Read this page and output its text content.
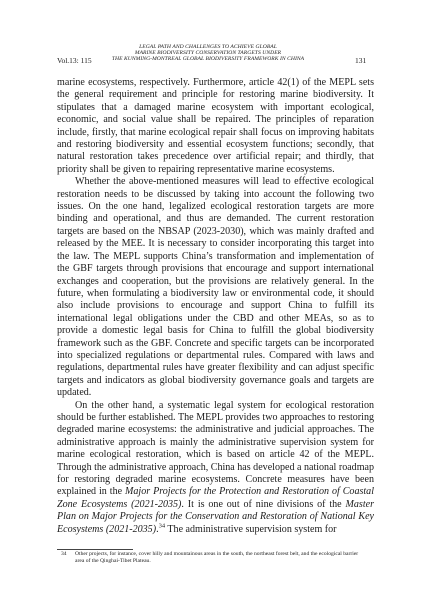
Vol.13: 115
LEGAL PATH AND CHALLENGES TO ACHIEVE GLOBAL
MARINE BIODIVERSITY CONSERVATION TARGETS UNDER
THE KUNMING-MONTREAL GLOBAL BIODIVERSITY FRAMEWORK IN CHINA	131

marine ecosystems, respectively. Furthermore, article 42(1) of the MEPL sets the general requirement and principle for restoring marine biodiversity. It stipulates that a damaged marine ecosystem with important ecological, economic, and social value shall be repaired. The principles of reparation include, firstly, that marine ecological repair shall focus on improving habitats and restoring biodiversity and essential ecosystem functions; secondly, that natural restoration takes precedence over artificial repair; and thirdly, that priority shall be given to repairing representative marine ecosystems.

Whether the above-mentioned measures will lead to effective ecological restoration needs to be discussed by taking into account the following two issues. On the one hand, legalized ecological restoration targets are more binding and operational, and thus are demanded. The current restoration targets are based on the NBSAP (2023-2030), which was mainly drafted and released by the MEE. It is necessary to consider incorporating this target into the law. The MEPL supports China’s transformation and implementation of the GBF targets through provisions that encourage and support international exchanges and cooperation, but the provisions are relatively general. In the future, when formulating a biodiversity law or environmental code, it should also include provisions to encourage and support China to fulfill its international legal obligations under the CBD and other MEAs, so as to provide a domestic legal basis for China to fulfill the global biodiversity framework such as the GBF. Concrete and specific targets can be incorporated into specialized regulations or departmental rules. Compared with laws and regulations, departmental rules have greater flexibility and can adjust specific targets and indicators as global biodiversity governance goals and targets are updated.

On the other hand, a systematic legal system for ecological restoration should be further established. The MEPL provides two approaches to restoring degraded marine ecosystems: the administrative and judicial approaches. The administrative approach is mainly the administrative supervision system for marine ecological restoration, which is based on article 42 of the MEPL. Through the administrative approach, China has developed a national roadmap for restoring degraded marine ecosystems. Concrete measures have been explained in the Major Projects for the Protection and Restoration of Coastal Zone Ecosystems (2021-2035). It is one out of nine divisions of the Master Plan on Major Projects for the Conservation and Restoration of National Key Ecosystems (2021-2035).$^{34}$ The administrative supervision system for

34 Other projects, for instance, cover hilly and mountainous areas in the south, the northeast forest belt, and the ecological barrier
area of the Qinghai-Tibet Plateau.
